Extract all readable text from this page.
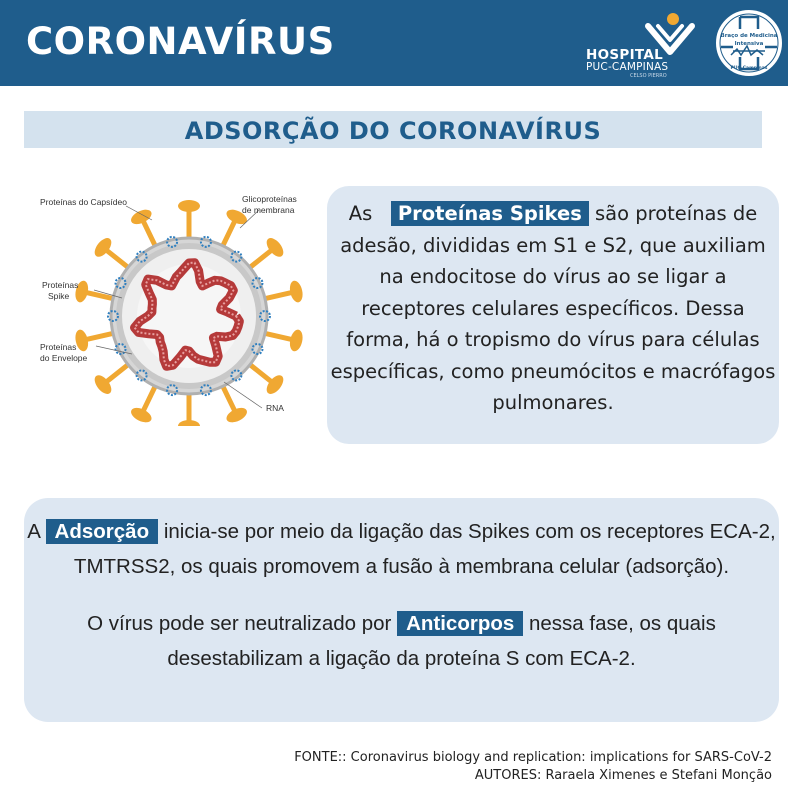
CORONAVÍRUS	HOSPITAL
PUC-CAMPINAS
CELSO PIERRO
Braço de Medicina
Intensiva
PUC-Campinas
ADSORÇÃO DO CORONAVÍRUS
Proteínas do Capsídeo	Glicoproteínas
de membrana
Proteínas
Spike
Proteínas
do Envelope
RNA
As Proteínas Spikes são proteínas de adesão, divididas em S1 e S2, que auxiliam na endocitose do vírus ao se ligar a receptores celulares específicos. Dessa forma, há o tropismo do vírus para células específicas, como pneumócitos e macrófagos pulmonares.
A Adsorção inicia-se por meio da ligação das Spikes com os receptores ECA-2, TMTRSS2, os quais promovem a fusão à membrana celular (adsorção).
O vírus pode ser neutralizado por Anticorpos nessa fase, os quais desestabilizam a ligação da proteína S com ECA-2.
FONTE:: Coronavirus biology and replication: implications for SARS-CoV-2
AUTORES: Raraela Ximenes e Stefani Monção
